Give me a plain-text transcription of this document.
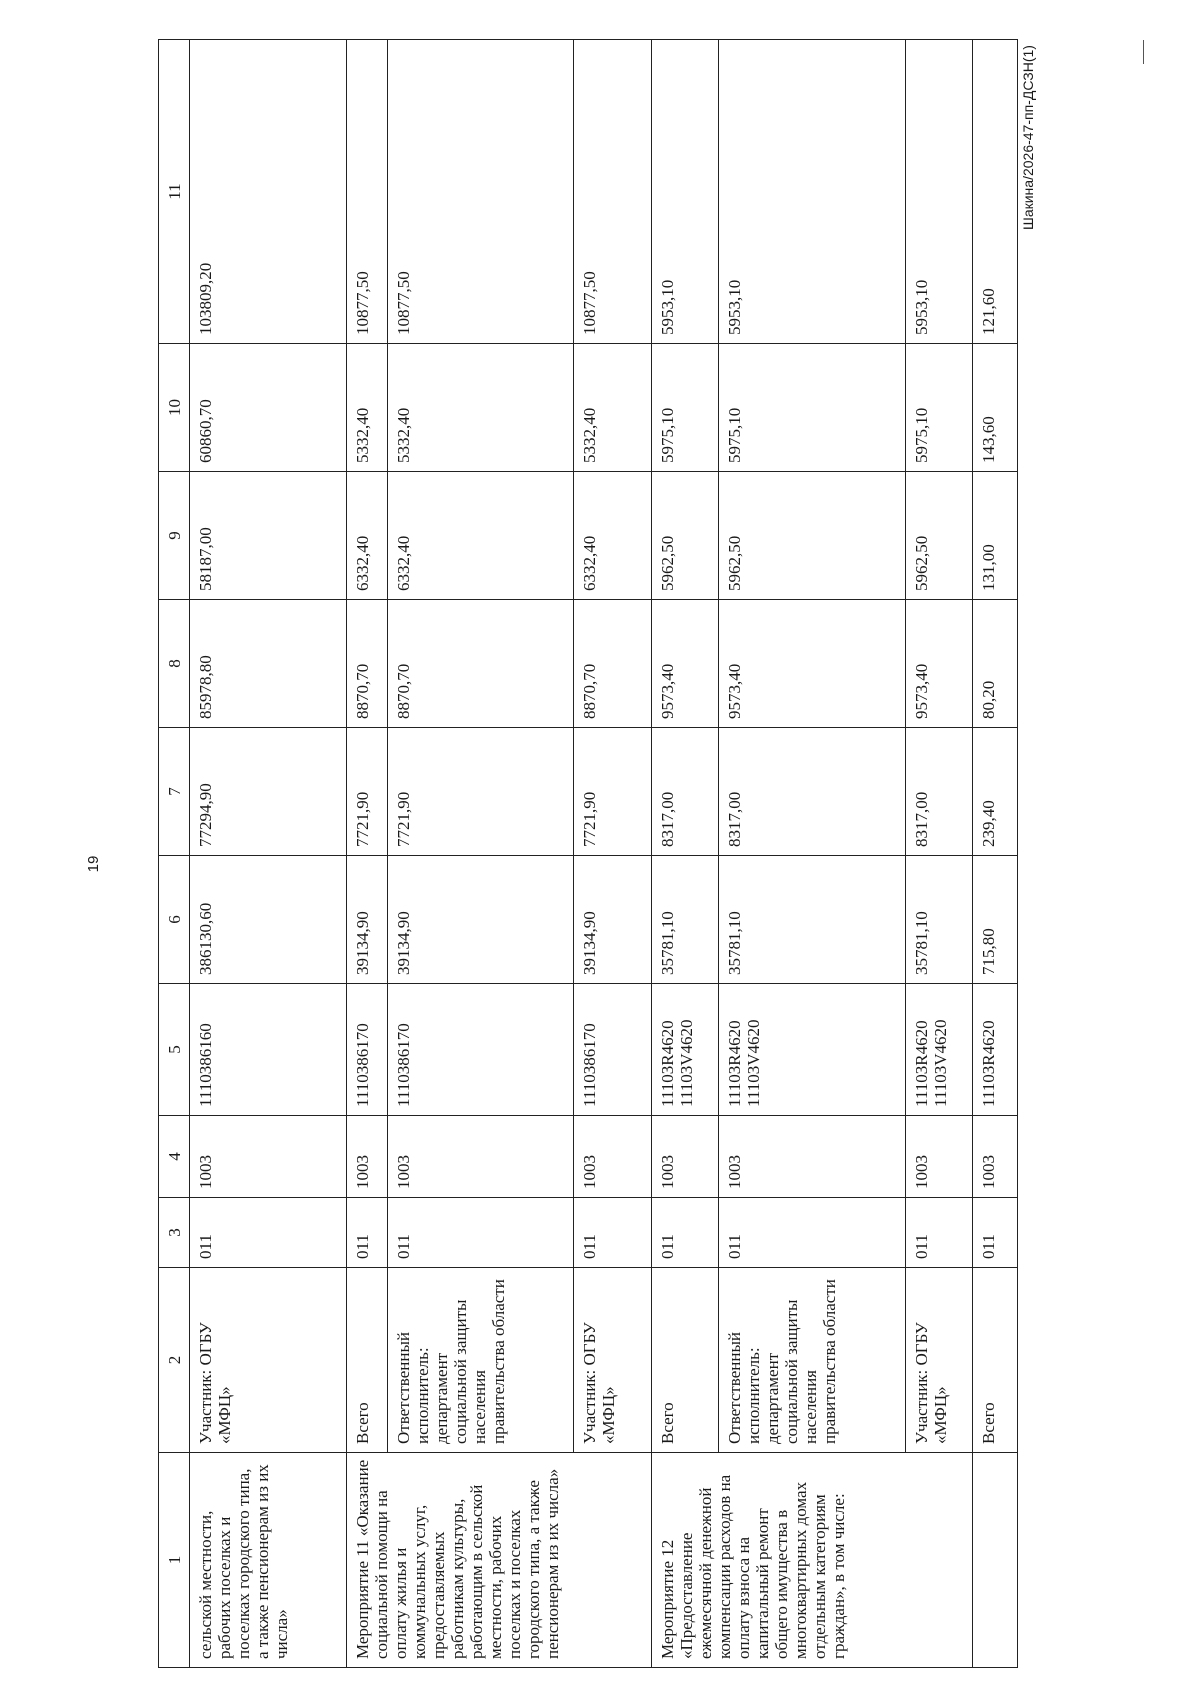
19
Шакина/2026-47-пп-ДСЗН(1)
1	2	3	4	5	6	7	8	9	10	11
сельской местности, рабочих поселках и поселках городского типа, а также пенсионерам из их числа»	Участник: ОГБУ «МФЦ»	011	1003	1110386160	386130,60	77294,90	85978,80	58187,00	60860,70	103809,20
Мероприятие 11 «Оказание социальной помощи на оплату жилья и коммунальных услуг, предоставляемых работникам культуры, работающим в сельской местности, рабочих поселках и поселках городского типа, а также пенсионерам из их числа»	Всего	011	1003	1110386170	39134,90	7721,90	8870,70	6332,40	5332,40	10877,50
	Ответственный исполнитель: департамент социальной защиты населения правительства области	011	1003	1110386170	39134,90	7721,90	8870,70	6332,40	5332,40	10877,50
	Участник: ОГБУ «МФЦ»	011	1003	1110386170	39134,90	7721,90	8870,70	6332,40	5332,40	10877,50
Мероприятие 12 «Предоставление ежемесячной денежной компенсации расходов на оплату взноса на капитальный ремонт общего имущества в многоквартирных домах отдельным категориям граждан», в том числе:	Всего	011	1003	11103R4620 11103V4620	35781,10	8317,00	9573,40	5962,50	5975,10	5953,10
	Ответственный исполнитель: департамент социальной защиты населения правительства области	011	1003	11103R4620 11103V4620	35781,10	8317,00	9573,40	5962,50	5975,10	5953,10
	Участник: ОГБУ «МФЦ»	011	1003	11103R4620 11103V4620	35781,10	8317,00	9573,40	5962,50	5975,10	5953,10
	Всего	011	1003	11103R4620	715,80	239,40	80,20	131,00	143,60	121,60
